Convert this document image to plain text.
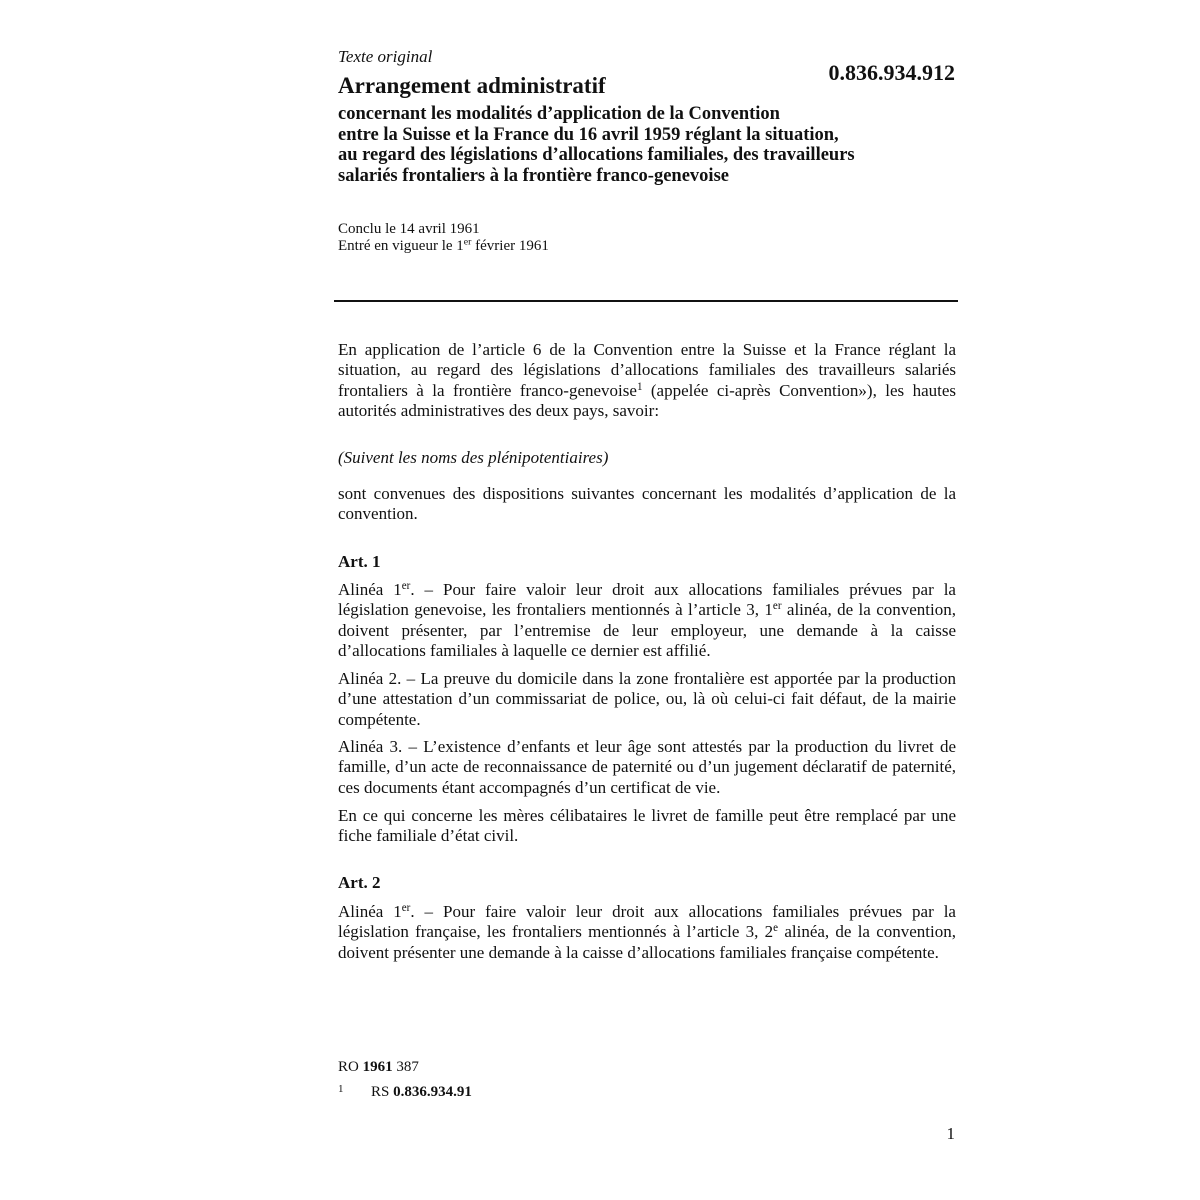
Texte original
Arrangement administratif
0.836.934.912
concernant les modalités d’application de la Convention
entre la Suisse et la France du 16 avril 1959 réglant la situation,
au regard des législations d’allocations familiales, des travailleurs
salariés frontaliers à la frontière franco-genevoise
Conclu le 14 avril 1961
Entré en vigueur le 1er février 1961

En application de l’article 6 de la Convention entre la Suisse et la France réglant la situation, au regard des législations d’allocations familiales des travailleurs salariés frontaliers à la frontière franco-genevoise$^1$ (appelée ci-après Convention»), les hautes autorités administratives des deux pays, savoir:

(Suivent les noms des plénipotentiaires)

sont convenues des dispositions suivantes concernant les modalités d’application de la convention.

Art. 1

Alinéa 1er. – Pour faire valoir leur droit aux allocations familiales prévues par la législation genevoise, les frontaliers mentionnés à l’article 3, 1er alinéa, de la convention, doivent présenter, par l’entremise de leur employeur, une demande à la caisse d’allocations familiales à laquelle ce dernier est affilié.

Alinéa 2. – La preuve du domicile dans la zone frontalière est apportée par la production d’une attestation d’un commissariat de police, ou, là où celui-ci fait défaut, de la mairie compétente.

Alinéa 3. – L’existence d’enfants et leur âge sont attestés par la production du livret de famille, d’un acte de reconnaissance de paternité ou d’un jugement déclaratif de paternité, ces documents étant accompagnés d’un certificat de vie.

En ce qui concerne les mères célibataires le livret de famille peut être remplacé par une fiche familiale d’état civil.

Art. 2

Alinéa 1er. – Pour faire valoir leur droit aux allocations familiales prévues par la législation française, les frontaliers mentionnés à l’article 3, 2e alinéa, de la convention, doivent présenter une demande à la caisse d’allocations familiales française compétente.

RO 1961 387
1 RS 0.836.934.91
1
